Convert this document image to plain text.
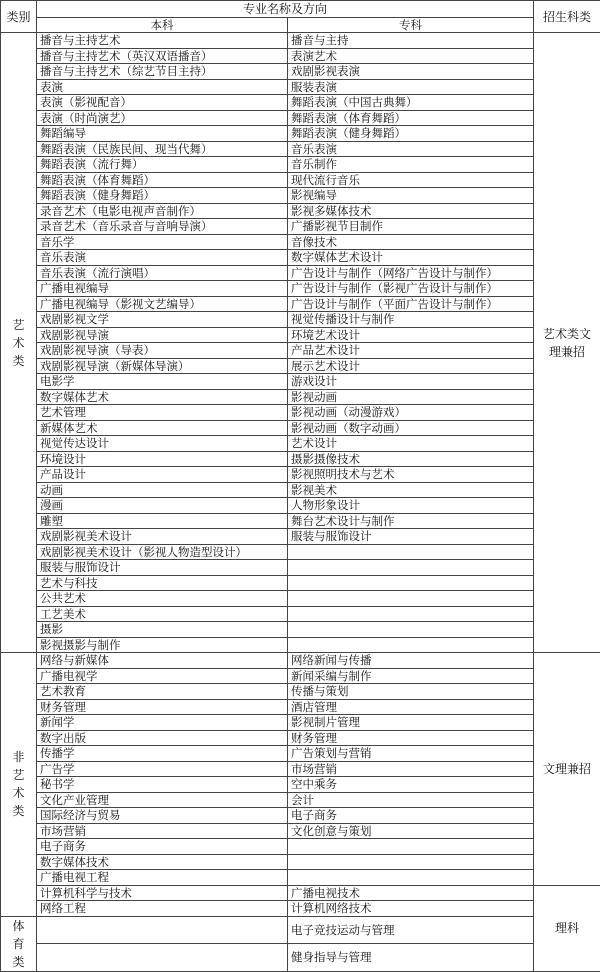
类别	专业名称及方向		招生科类
	本科	专科	
艺术类	播音与主持艺术	播音与主持	艺术类文理兼招
	播音与主持艺术（英汉双语播音）	表演艺术	
	播音与主持艺术（综艺节目主持）	戏剧影视表演	
	表演	服装表演	
	表演（影视配音）	舞蹈表演（中国古典舞）	
	表演（时尚演艺）	舞蹈表演（体育舞蹈）	
	舞蹈编导	舞蹈表演（健身舞蹈）	
	舞蹈表演（民族民间、现当代舞）	音乐表演	
	舞蹈表演（流行舞）	音乐制作	
	舞蹈表演（体育舞蹈）	现代流行音乐	
	舞蹈表演（健身舞蹈）	影视编导	
	录音艺术（电影电视声音制作）	影视多媒体技术	
	录音艺术（音乐录音与音响导演）	广播影视节目制作	
	音乐学	音像技术	
	音乐表演	数字媒体艺术设计	
	音乐表演（流行演唱）	广告设计与制作（网络广告设计与制作）	
	广播电视编导	广告设计与制作（影视广告设计与制作）	
	广播电视编导（影视文艺编导）	广告设计与制作（平面广告设计与制作）	
	戏剧影视文学	视觉传播设计与制作	
	戏剧影视导演	环境艺术设计	
	戏剧影视导演（导表）	产品艺术设计	
	戏剧影视导演（新媒体导演）	展示艺术设计	
	电影学	游戏设计	
	数字媒体艺术	影视动画	
	艺术管理	影视动画（动漫游戏）	
	新媒体艺术	影视动画（数字动画）	
	视觉传达设计	艺术设计	
	环境设计	摄影摄像技术	
	产品设计	影视照明技术与艺术	
	动画	影视美术	
	漫画	人物形象设计	
	雕塑	舞台艺术设计与制作	
	戏剧影视美术设计	服装与服饰设计	
	戏剧影视美术设计（影视人物造型设计）		
	服装与服饰设计		
	艺术与科技		
	公共艺术		
	工艺美术		
	摄影		
	影视摄影与制作		
非艺术类	网络与新媒体	网络新闻与传播	文理兼招
	广播电视学	新闻采编与制作	
	艺术教育	传播与策划	
	财务管理	酒店管理	
	新闻学	影视制片管理	
	数字出版	财务管理	
	传播学	广告策划与营销	
	广告学	市场营销	
	秘书学	空中乘务	
	文化产业管理	会计	
	国际经济与贸易	电子商务	
	市场营销	文化创意与策划	
	电子商务		
	数字媒体技术		
	广播电视工程		
	计算机科学与技术	广播电视技术	理科
	网络工程	计算机网络技术	
体育类		电子竞技运动与管理	
		健身指导与管理	
